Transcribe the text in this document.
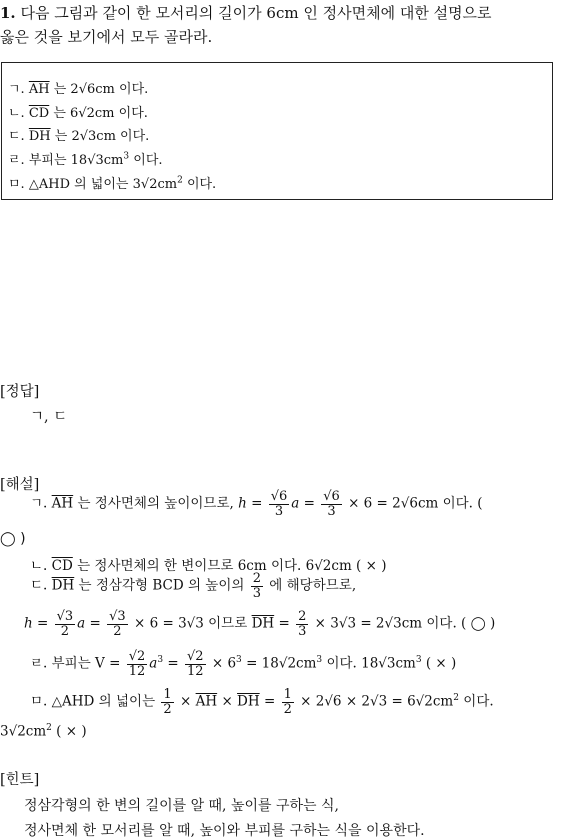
1. 다음 그림과 같이 한 모서리의 길이가 6cm 인 정사면체에 대한 설명으로
옳은 것을 보기에서 모두 골라라.
ㄱ. $\overline{AH}$ 는 2 √ 6cm 이다.
ㄴ. $\overline{CD}$ 는 6 √ 2cm 이다.
ㄷ. $\overline{DH}$ 는 2 √ 3cm 이다.
ㄹ. 부피는 18 √ $3cm^3$ 이다.
ㅁ. △AHD 의 넓이는 3 √ $2cm^2$ 이다.
[정답]
ㄱ, ㄷ
[해설]
ㄱ. $\overline{AH}$ 는 정사면체의 높이이므로, $h = \frac{√6}{3}$ $a = \frac{√6}{3} \times 6 = 2√6cm$ 이다. (
◯ )
ㄴ. $\overline{CD}$ 는 정사면체의 한 변이므로 6cm 이다. 6√2cm ( × )
ㄷ. $\overline{DH}$ 는 정삼각형 BCD 의 높이의 $\frac{2}{3}$ 에 해당하므로,
$h = \frac{√3}{2}$ $a = \frac{√3}{2} \times 6 = 3√3$ 이므로 $\overline{DH} = \frac{2}{3} \times 3√3 = 2√3cm$ 이다. ( ◯ )
ㄹ. 부피는 $V = \frac{√2}{12} a^3 = \frac{√2}{12} \times 6^3 = 18√2cm^3$ 이다. $18√3cm^3$ ( × )
ㅁ. △AHD 의 넓이는 $\frac{1}{2} \times \overline{AH} \times \overline{DH} = \frac{1}{2} \times 2√6 \times 2√3 = 6√2cm^2$ 이다.
$3√2cm^2$ ( × )
[힌트]
정삼각형의 한 변의 길이를 알 때, 높이를 구하는 식,
정사면체 한 모서리를 알 때, 높이와 부피를 구하는 식을 이용한다.
